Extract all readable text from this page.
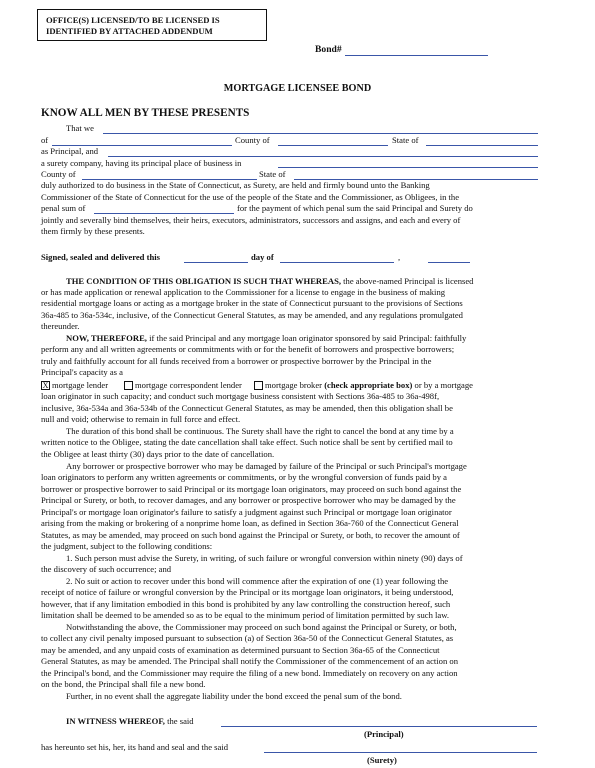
OFFICE(S) LICENSED/TO BE LICENSED IS
IDENTIFIED BY ATTACHED ADDENDUM
Bond#
MORTGAGE LICENSEE BOND
KNOW ALL MEN BY THESE PRESENTS
That we
of	County of	State of
as Principal, and
a surety company, having its principal place of business in
County of	State of
duly authorized to do business in the State of Connecticut, as Surety, are held and firmly bound unto the Banking
Commissioner of the State of Connecticut for the use of the people of the State and the Commissioner, as Obligees, in the
penal sum of	for the payment of which penal sum the said Principal and Surety do
jointly and severally bind themselves, their heirs, executors, administrators, successors and assigns, and each and every of
them firmly by these presents.
Signed, sealed and delivered this	day of	,
THE CONDITION OF THIS OBLIGATION IS SUCH THAT WHEREAS, the above-named Principal is licensed
or has made application or renewal application to the Commissioner for a license to engage in the business of making
residential mortgage loans or acting as a mortgage broker in the state of Connecticut pursuant to the provisions of Sections
36a-485 to 36a-534c, inclusive, of the Connecticut General Statutes, as may be amended, and any regulations promulgated
thereunder.
NOW, THEREFORE, if the said Principal and any mortgage loan originator sponsored by said Principal: faithfully
perform any and all written agreements or commitments with or for the benefit of borrowers and prospective borrowers;
truly and faithfully account for all funds received from a borrower or prospective borrower by the Principal in the
Principal's capacity as a
X mortgage lender	mortgage correspondent lender	mortgage broker (check appropriate box) or by a mortgage
loan originator in such capacity; and conduct such mortgage business consistent with Sections 36a-485 to 36a-498f,
inclusive, 36a-534a and 36a-534b of the Connecticut General Statutes, as may be amended, then this obligation shall be
null and void; otherwise to remain in full force and effect.
The duration of this bond shall be continuous. The Surety shall have the right to cancel the bond at any time by a
written notice to the Obligee, stating the date cancellation shall take effect. Such notice shall be sent by certified mail to
the Obligee at least thirty (30) days prior to the date of cancellation.
Any borrower or prospective borrower who may be damaged by failure of the Principal or such Principal's mortgage
loan originators to perform any written agreements or commitments, or by the wrongful conversion of funds paid by a
borrower or prospective borrower to said Principal or its mortgage loan originators, may proceed on such bond against the
Principal or Surety, or both, to recover damages, and any borrower or prospective borrower who may be damaged by the
Principal's or mortgage loan originator's failure to satisfy a judgment against such Principal or mortgage loan originator
arising from the making or brokering of a nonprime home loan, as defined in Section 36a-760 of the Connecticut General
Statutes, as may be amended, may proceed on such bond against the Principal or Surety, or both, to recover the amount of
the judgment, subject to the following conditions:
1. Such person must advise the Surety, in writing, of such failure or wrongful conversion within ninety (90) days of
the discovery of such occurrence; and
2. No suit or action to recover under this bond will commence after the expiration of one (1) year following the
receipt of notice of failure or wrongful conversion by the Principal or its mortgage loan originators, it being understood,
however, that if any limitation embodied in this bond is prohibited by any law controlling the construction hereof, such
limitation shall be deemed to be amended so as to be equal to the minimum period of limitation permitted by such law.
Notwithstanding the above, the Commissioner may proceed on such bond against the Principal or Surety, or both,
to collect any civil penalty imposed pursuant to subsection (a) of Section 36a-50 of the Connecticut General Statutes, as
may be amended, and any unpaid costs of examination as determined pursuant to Section 36a-65 of the Connecticut
General Statutes, as may be amended. The Principal shall notify the Commissioner of the commencement of an action on
the Principal's bond, and the Commissioner may require the filing of a new bond. Immediately on recovery on any action
on the bond, the Principal shall file a new bond.
Further, in no event shall the aggregate liability under the bond exceed the penal sum of the bond.
IN WITNESS WHEREOF, the said
(Principal)
has hereunto set his, her, its hand and seal and the said
(Surety)
